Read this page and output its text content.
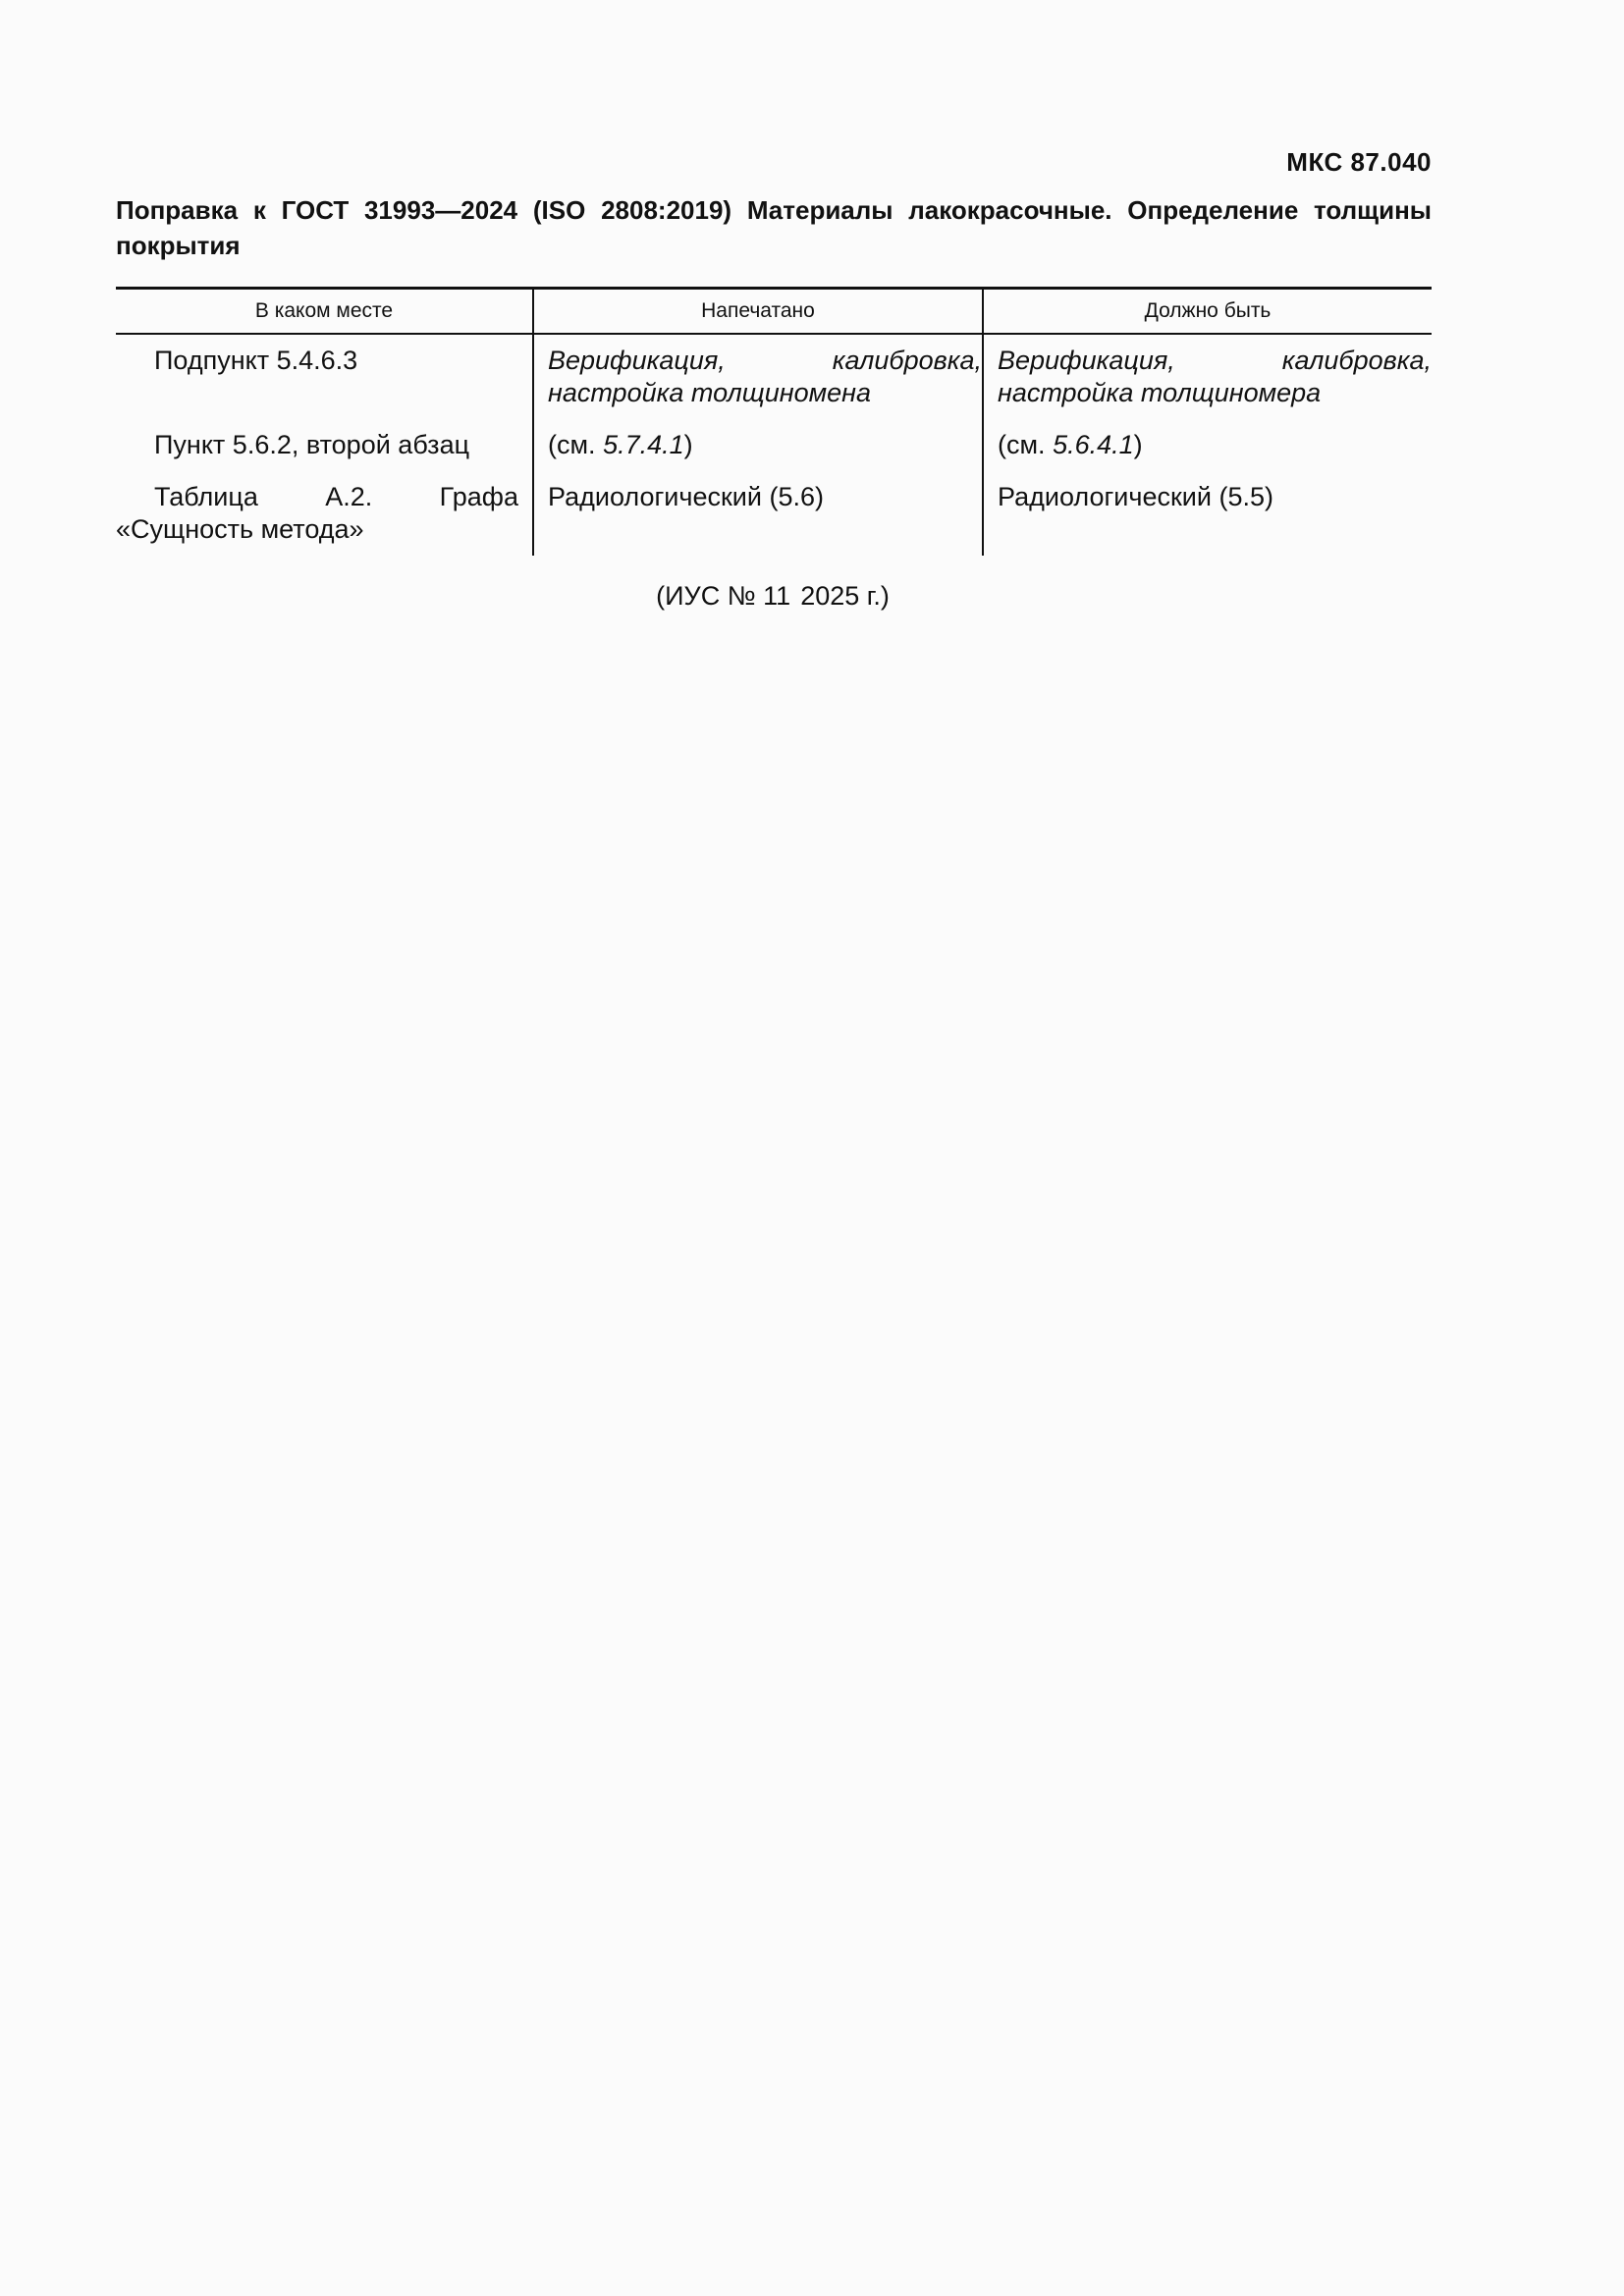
МКС 87.040

Поправка к ГОСТ 31993—2024 (ISO 2808:2019) Материалы лакокрасочные. Определение толщины покрытия
В каком месте	Напечатано	Должно быть
Подпункт 5.4.6.3	Верификация, калибровка, настройка толщиномена	Верификация, калибровка, настройка толщиномера
Пункт 5.6.2, второй абзац	(см. 5.7.4.1)	(см. 5.6.4.1)
Таблица А.2. Графа «Сущность метода»	Радиологический (5.6)	Радиологический (5.5)

(ИУС № 11 2025 г.)
